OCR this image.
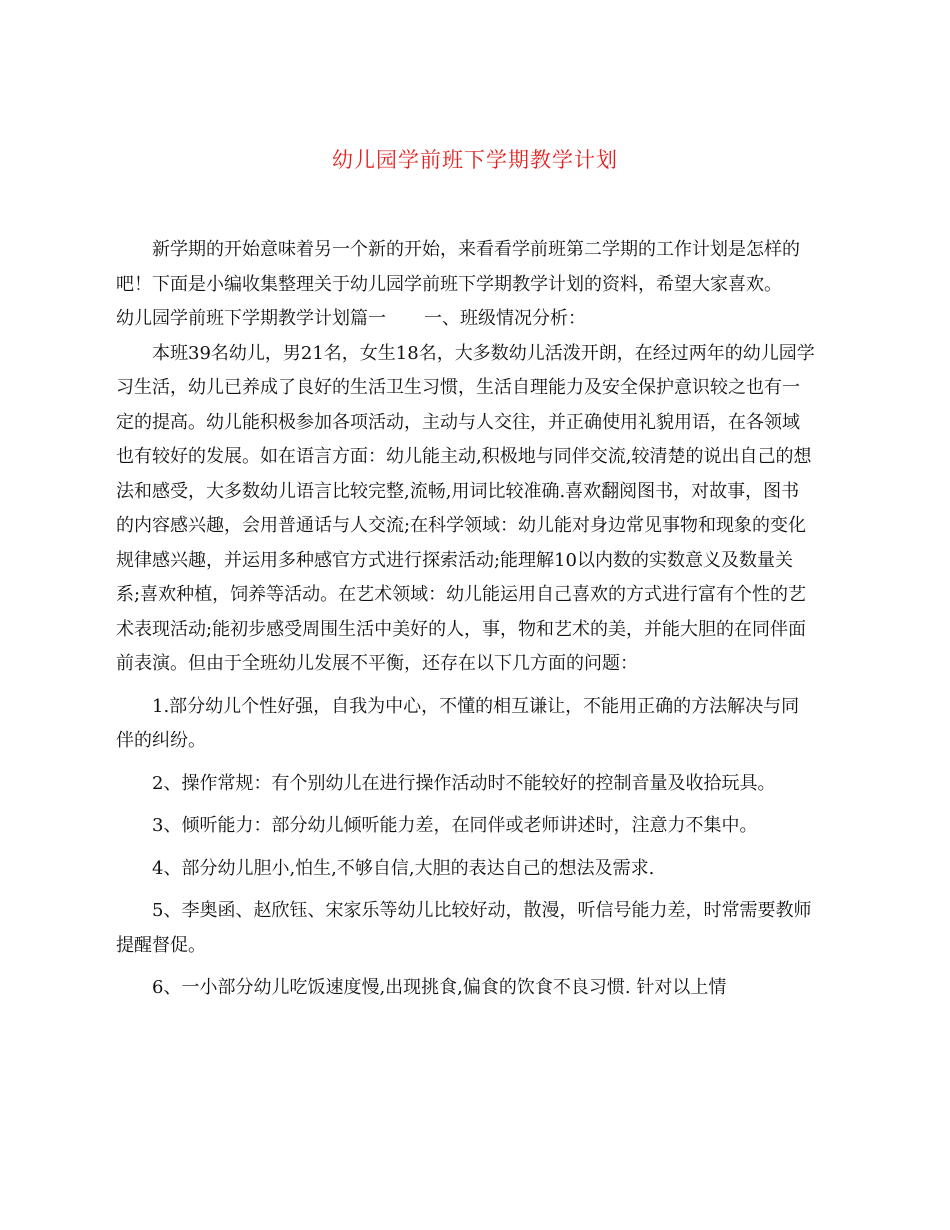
幼儿园学前班下学期教学计划

新学期的开始意味着另一个新的开始，来看看学前班第二学期的工作计划是怎样的吧！下面是小编收集整理关于幼儿园学前班下学期教学计划的资料，希望大家喜欢。

幼儿园学前班下学期教学计划篇一 一、班级情况分析：

本班39名幼儿，男21名，女生18名，大多数幼儿活泼开朗，在经过两年的幼儿园学习生活，幼儿已养成了良好的生活卫生习惯，生活自理能力及安全保护意识较之也有一定的提高。幼儿能积极参加各项活动，主动与人交往，并正确使用礼貌用语，在各领域也有较好的发展。如在语言方面：幼儿能主动,积极地与同伴交流,较清楚的说出自己的想法和感受，大多数幼儿语言比较完整,流畅,用词比较准确.喜欢翻阅图书，对故事，图书的内容感兴趣，会用普通话与人交流;在科学领域：幼儿能对身边常见事物和现象的变化规律感兴趣，并运用多种感官方式进行探索活动;能理解10以内数的实数意义及数量关系;喜欢种植，饲养等活动。在艺术领域：幼儿能运用自己喜欢的方式进行富有个性的艺术表现活动;能初步感受周围生活中美好的人，事，物和艺术的美，并能大胆的在同伴面前表演。但由于全班幼儿发展不平衡，还存在以下几方面的问题：

1.部分幼儿个性好强，自我为中心，不懂的相互谦让，不能用正确的方法解决与同伴的纠纷。

2、操作常规：有个别幼儿在进行操作活动时不能较好的控制音量及收拾玩具。

3、倾听能力：部分幼儿倾听能力差，在同伴或老师讲述时，注意力不集中。

4、部分幼儿胆小,怕生,不够自信,大胆的表达自己的想法及需求.

5、李奥函、赵欣钰、宋家乐等幼儿比较好动，散漫，听信号能力差，时常需要教师提醒督促。

6、一小部分幼儿吃饭速度慢,出现挑食,偏食的饮食不良习惯. 针对以上情
